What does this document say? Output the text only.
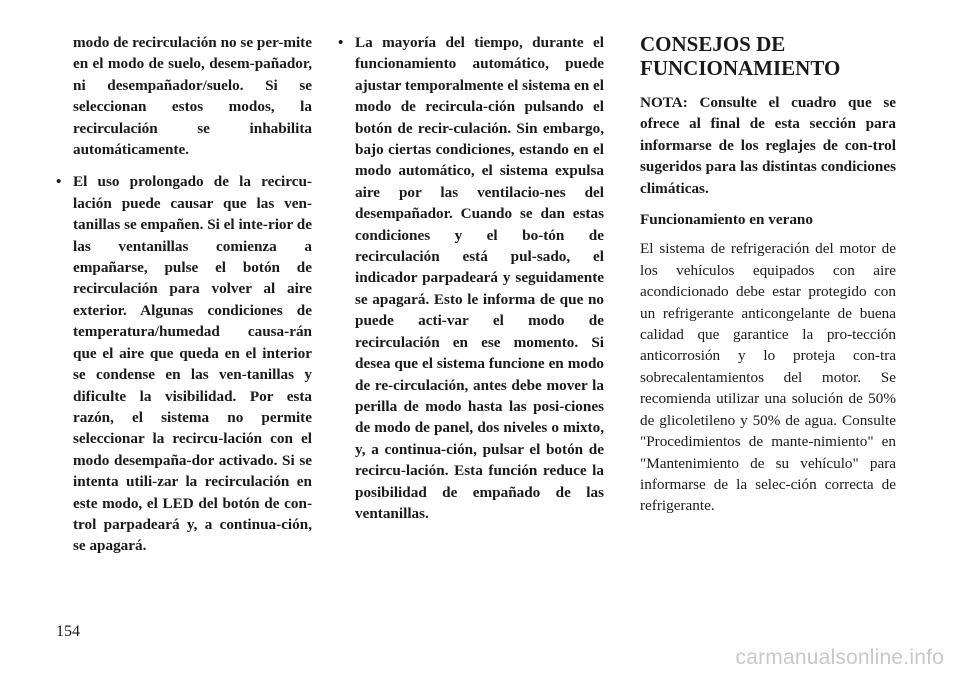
modo de recirculación no se per-mite en el modo de suelo, desem-pañador, ni desempañador/suelo. Si se seleccionan estos modos, la recirculación se inhabilita automáticamente.
• El uso prolongado de la recircu-lación puede causar que las ven-tanillas se empañen. Si el inte-rior de las ventanillas comienza a empañarse, pulse el botón de recirculación para volver al aire exterior. Algunas condiciones de temperatura/humedad causa-rán que el aire que queda en el interior se condense en las ven-tanillas y dificulte la visibilidad. Por esta razón, el sistema no permite seleccionar la recircu-lación con el modo desempaña-dor activado. Si se intenta utili-zar la recirculación en este modo, el LED del botón de con-trol parpadeará y, a continua-ción, se apagará.
• La mayoría del tiempo, durante el funcionamiento automático, puede ajustar temporalmente el sistema en el modo de recircula-ción pulsando el botón de recir-culación. Sin embargo, bajo ciertas condiciones, estando en el modo automático, el sistema expulsa aire por las ventilacio-nes del desempañador. Cuando se dan estas condiciones y el bo-tón de recirculación está pul-sado, el indicador parpadeará y seguidamente se apagará. Esto le informa de que no puede acti-var el modo de recirculación en ese momento. Si desea que el sistema funcione en modo de re-circulación, antes debe mover la perilla de modo hasta las posi-ciones de modo de panel, dos niveles o mixto, y, a continua-ción, pulsar el botón de recircu-lación. Esta función reduce la posibilidad de empañado de las ventanillas.
CONSEJOS DE
FUNCIONAMIENTO

NOTA: Consulte el cuadro que se ofrece al final de esta sección para informarse de los reglajes de con-trol sugeridos para las distintas condiciones climáticas.

Funcionamiento en verano

El sistema de refrigeración del motor de los vehículos equipados con aire acondicionado debe estar protegido con un refrigerante anticongelante de buena calidad que garantice la pro-tección anticorrosión y lo proteja con-tra sobrecalentamientos del motor. Se recomienda utilizar una solución de 50% de glicoletileno y 50% de agua. Consulte "Procedimientos de mante-nimiento" en "Mantenimiento de su vehículo" para informarse de la selec-ción correcta de refrigerante.

154
carmanualsonline.info
